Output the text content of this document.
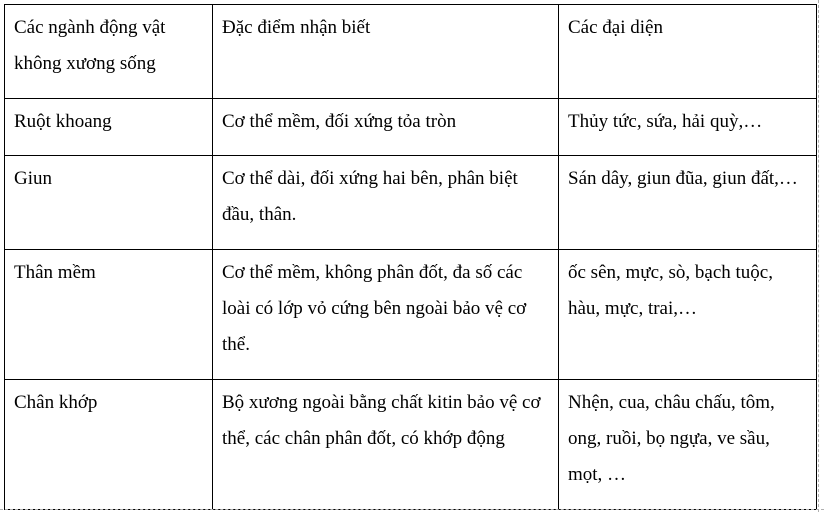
Các ngành động vật không xương sống	Đặc điểm nhận biết	Các đại diện
Ruột khoang	Cơ thể mềm, đối xứng tỏa tròn	Thủy tức, sứa, hải quỳ,…
Giun	Cơ thể dài, đối xứng hai bên, phân biệt đầu, thân.	Sán dây, giun đũa, giun đất,…
Thân mềm	Cơ thể mềm, không phân đốt, đa số các loài có lớp vỏ cứng bên ngoài bảo vệ cơ thể.	ốc sên, mực, sò, bạch tuộc, hàu, mực, trai,…
Chân khớp	Bộ xương ngoài bằng chất kitin bảo vệ cơ thể, các chân phân đốt, có khớp động	Nhện, cua, châu chấu, tôm, ong, ruồi, bọ ngựa, ve sầu, mọt, …
